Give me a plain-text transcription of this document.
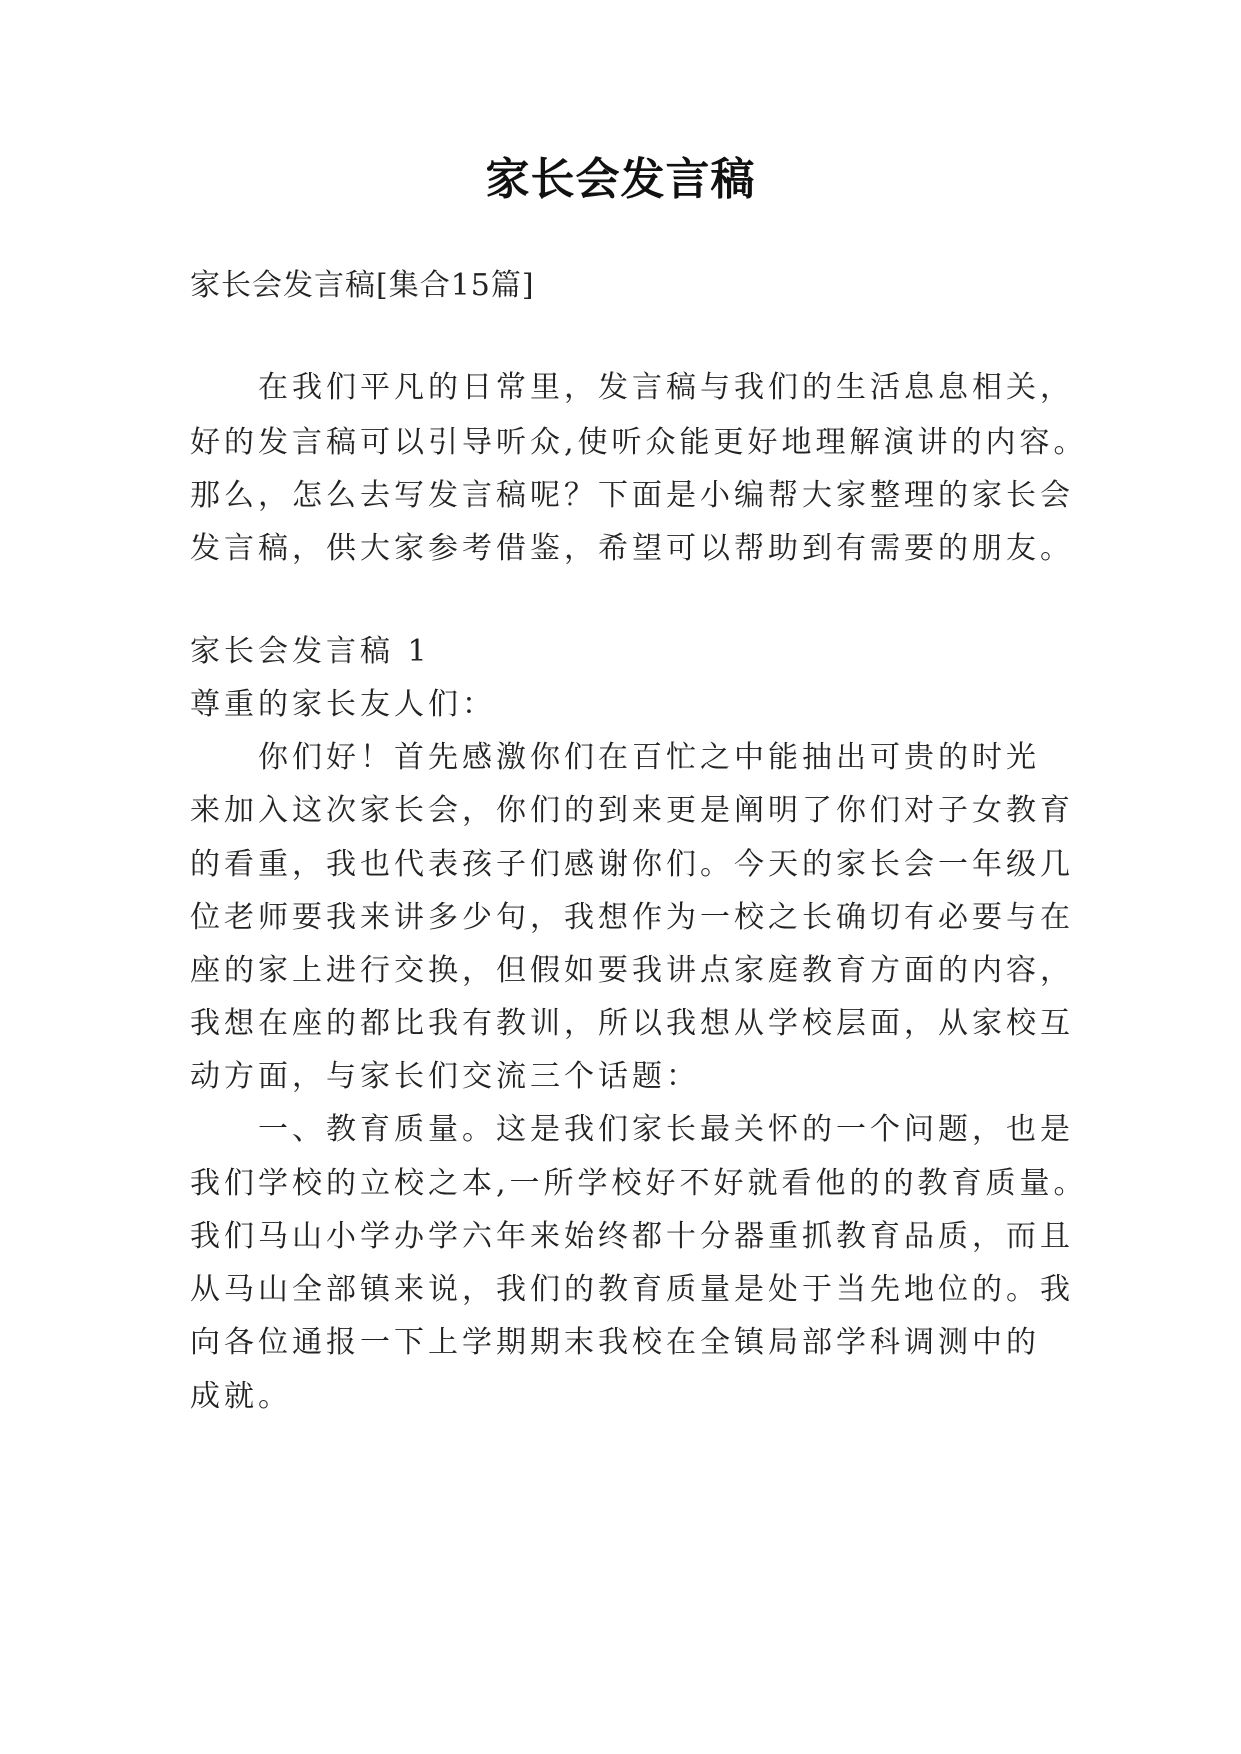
家长会发言稿
家长会发言稿[集合15篇]
在我们平凡的日常里，发言稿与我们的生活息息相关，
好的发言稿可以引导听众,使听众能更好地理解演讲的内容。
那么，怎么去写发言稿呢？下面是小编帮大家整理的家长会
发言稿，供大家参考借鉴，希望可以帮助到有需要的朋友。
家长会发言稿 1
尊重的家长友人们：
你们好！首先感激你们在百忙之中能抽出可贵的时光
来加入这次家长会，你们的到来更是阐明了你们对子女教育
的看重，我也代表孩子们感谢你们。今天的家长会一年级几
位老师要我来讲多少句，我想作为一校之长确切有必要与在
座的家上进行交换，但假如要我讲点家庭教育方面的内容，
我想在座的都比我有教训，所以我想从学校层面，从家校互
动方面，与家长们交流三个话题：
一、教育质量。这是我们家长最关怀的一个问题，也是
我们学校的立校之本,一所学校好不好就看他的的教育质量。
我们马山小学办学六年来始终都十分器重抓教育品质，而且
从马山全部镇来说，我们的教育质量是处于当先地位的。我
向各位通报一下上学期期末我校在全镇局部学科调测中的
成就。
